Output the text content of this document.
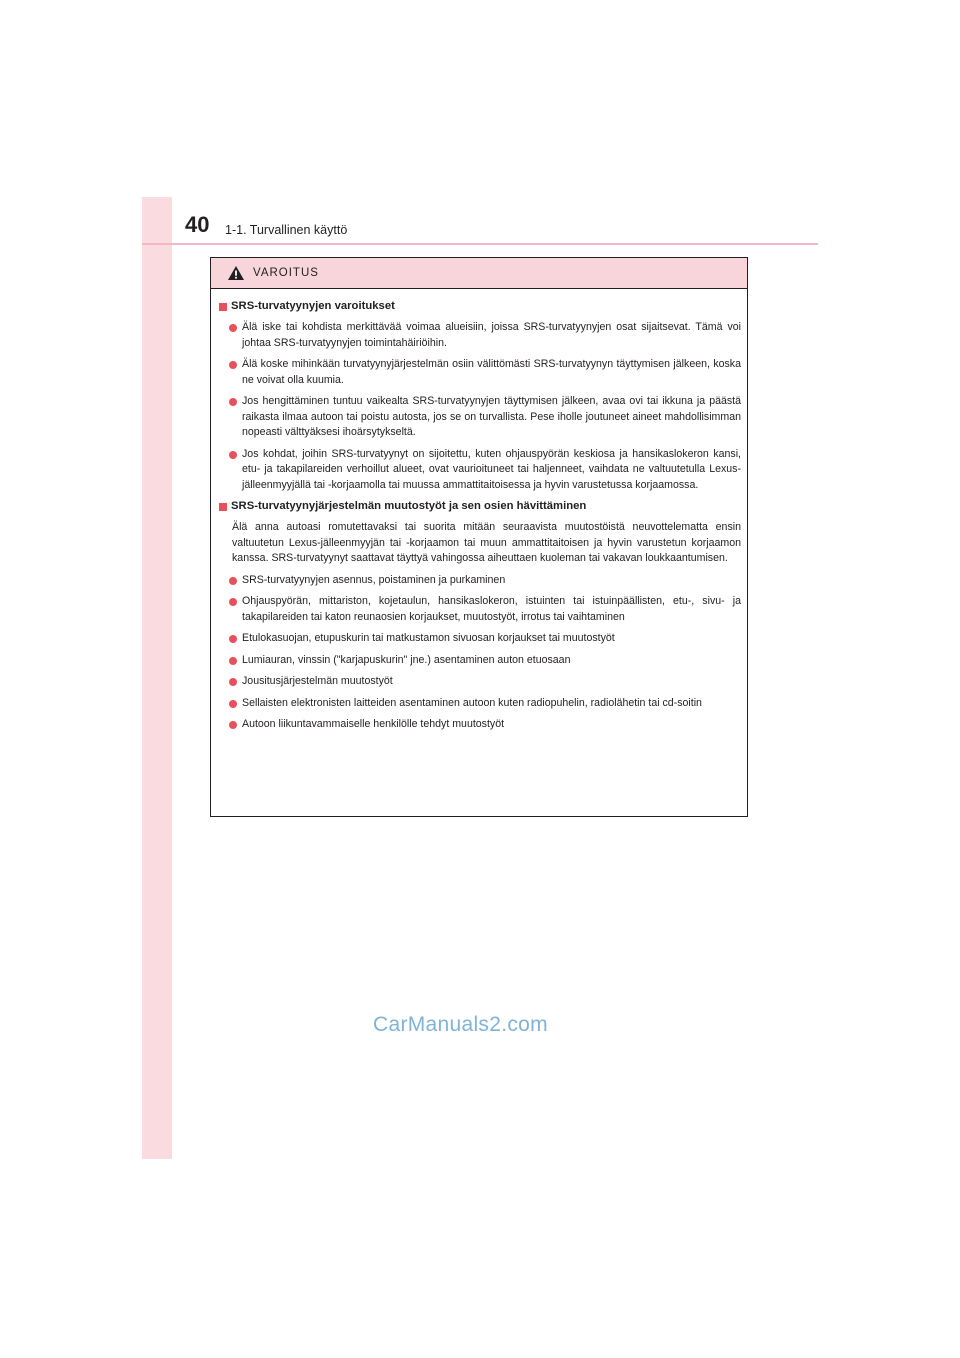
40 1-1. Turvallinen käyttö
VAROITUS
SRS-turvatyynyjen varoitukset
Älä iske tai kohdista merkittävää voimaa alueisiin, joissa SRS-turvatyynyjen osat sijaitsevat. Tämä voi johtaa SRS-turvatyynyjen toimintahäiriöihin.
Älä koske mihinkään turvatyynyjärjestelmän osiin välittömästi SRS-turvatyynyn täyttymisen jälkeen, koska ne voivat olla kuumia.
Jos hengittäminen tuntuu vaikealta SRS-turvatyynyjen täyttymisen jälkeen, avaa ovi tai ikkuna ja päästä raikasta ilmaa autoon tai poistu autosta, jos se on turvallista. Pese iholle joutuneet aineet mahdollisimman nopeasti välttyäksesi ihoärsytykseltä.
Jos kohdat, joihin SRS-turvatyynyt on sijoitettu, kuten ohjauspyörän keskiosa ja hansikaslokeron kansi, etu- ja takapilareiden verhoillut alueet, ovat vaurioituneet tai haljenneet, vaihdata ne valtuutetulla Lexus-jälleenmyyjällä tai -korjaamolla tai muussa ammattitaitoisessa ja hyvin varustetussa korjaamossa.
SRS-turvatyynyjärjestelmän muutostyöt ja sen osien hävittäminen
Älä anna autoasi romutettavaksi tai suorita mitään seuraavista muutostöistä neuvottelematta ensin valtuutetun Lexus-jälleenmyyjän tai -korjaamon tai muun ammattitaitoisen ja hyvin varustetun korjaamon kanssa. SRS-turvatyynyt saattavat täyttyä vahingossa aiheuttaen kuoleman tai vakavan loukkaantumisen.
SRS-turvatyynyjen asennus, poistaminen ja purkaminen
Ohjauspyörän, mittariston, kojetaulun, hansikaslokeron, istuinten tai istuinpäällisten, etu-, sivu- ja takapilareiden tai katon reunaosien korjaukset, muutostyöt, irrotus tai vaihtaminen
Etulokasuojan, etupuskurin tai matkustamon sivuosan korjaukset tai muutostyöt
Lumiauran, vinssin ("karjapuskurin" jne.) asentaminen auton etuosaan
Jousitusjärjestelmän muutostyöt
Sellaisten elektronisten laitteiden asentaminen autoon kuten radiopuhelin, radiolähetin tai cd-soitin
Autoon liikuntavammaiselle henkilölle tehdyt muutostyöt
CarManuals2.com
